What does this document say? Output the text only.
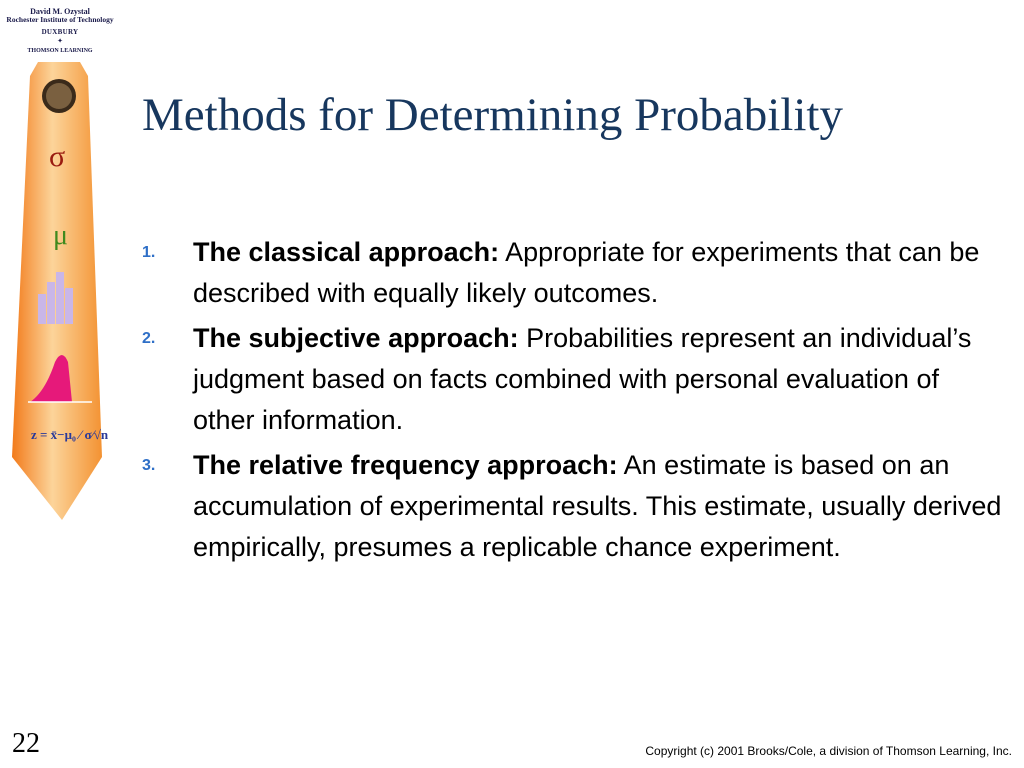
David M. Ozystal
Rochester Institute of Technology
DUXBURY
✦
THOMSON LEARNING
σ
μ
z = x̄−μ₀ ⁄ σ⁄√n
Methods for Determining Probability
1. The classical approach: Appropriate for experiments that can be described with equally likely outcomes.
2. The subjective approach: Probabilities represent an individual’s judgment based on facts combined with personal evaluation of other information.
3. The relative frequency approach: An estimate is based on an accumulation of experimental results. This estimate, usually derived empirically, presumes a replicable chance experiment.
22	Copyright (c) 2001 Brooks/Cole, a division of Thomson Learning, Inc.
